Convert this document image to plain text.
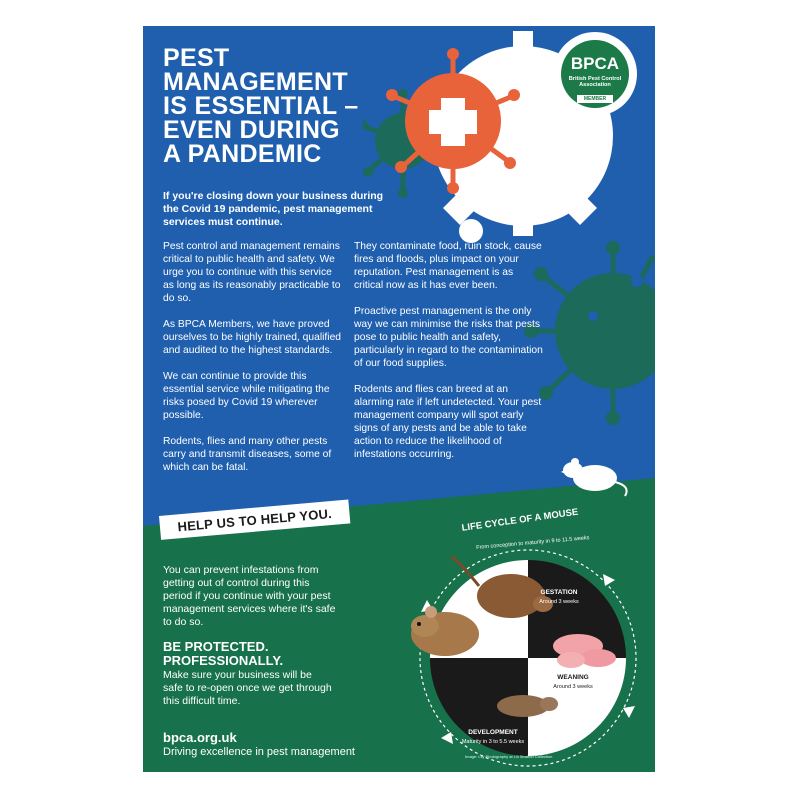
BPCA
British Pest Control Association
MEMBER
PEST
MANAGEMENT
IS ESSENTIAL –
EVEN DURING
A PANDEMIC
If you're closing down your business during the Covid 19 pandemic, pest management services must continue.

Pest control and management remains critical to public health and safety. We urge you to continue with this service as long as its reasonably practicable to do so.

As BPCA Members, we have proved ourselves to be highly trained, qualified and audited to the highest standards.

We can continue to provide this essential service while mitigating the risks posed by Covid 19 wherever possible.

Rodents, flies and many other pests carry and transmit diseases, some of which can be fatal.

They contaminate food, ruin stock, cause fires and floods, plus impact on your reputation. Pest management is as critical now as it has ever been.

Proactive pest management is the only way we can minimise the risks that pests pose to public health and safety, particularly in regard to the contamination of our food supplies.

Rodents and flies can breed at an alarming rate if left undetected. Your pest management company will spot early signs of any pests and be able to take action to reduce the likelihood of infestations occurring.

HELP US TO HELP YOU.
You can prevent infestations from getting out of control during this period if you continue with your pest management services where it's safe to do so.
BE PROTECTED.
PROFESSIONALLY.
Make sure your business will be safe to re-open once we get through this difficult time.
bpca.org.uk
Driving excellence in pest management
LIFE CYCLE OF A MOUSE
From conception to maturity in 9 to 11.5 weeks
GESTATION
Around 3 weeks
WEANING
Around 3 weeks
DEVELOPMENT
Maturity in 3 to 5.5 weeks
ADULTS
Mice typically survive for less than a year in the wild
Image: Lily Photography at Lili Stratton Collection
